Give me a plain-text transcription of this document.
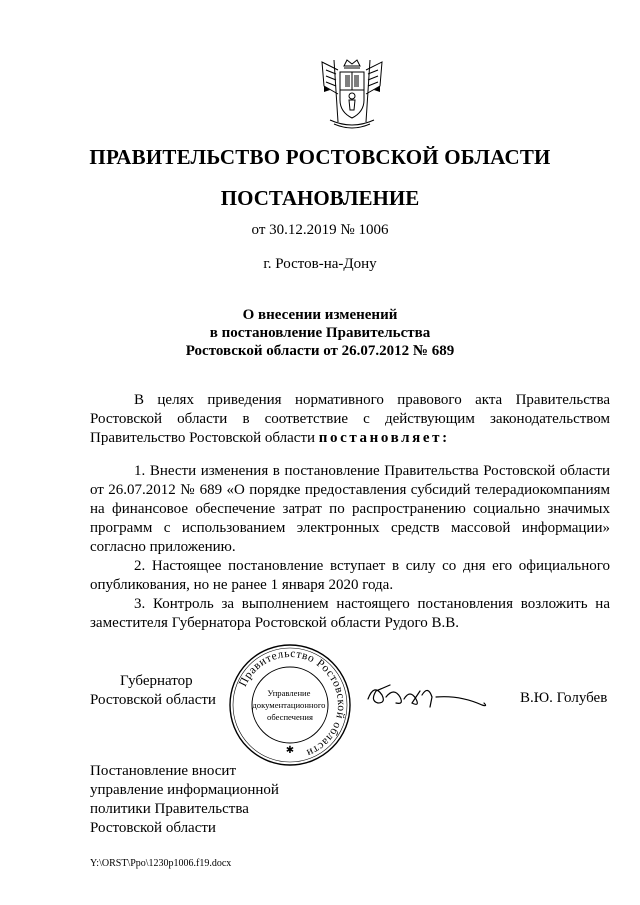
ПРАВИТЕЛЬСТВО РОСТОВСКОЙ ОБЛАСТИ
ПОСТАНОВЛЕНИЕ
от 30.12.2019 № 1006
г. Ростов-на-Дону
О внесении изменений
в постановление Правительства
Ростовской области от 26.07.2012 № 689

В целях приведения нормативного правового акта Правительства Ростовской области в соответствие с действующим законодательством Правительство Ростовской области постановляет:

1. Внести изменения в постановление Правительства Ростовской области от 26.07.2012 № 689 «О порядке предоставления субсидий телерадиокомпаниям на финансовое обеспечение затрат по распространению социально значимых программ с использованием электронных средств массовой информации» согласно приложению.

2. Настоящее постановление вступает в силу со дня его официального опубликования, но не ранее 1 января 2020 года.

3. Контроль за выполнением настоящего постановления возложить на заместителя Губернатора Ростовской области Рудого В.В.

Губернатор
Ростовской области
Правительство Ростовской области
✱
Управление документационного обеспечения
В.Ю. Голубев
Постановление вносит
управление информационной
политики Правительства
Ростовской области
Y:\ORST\Ppo\1230p1006.f19.docx
